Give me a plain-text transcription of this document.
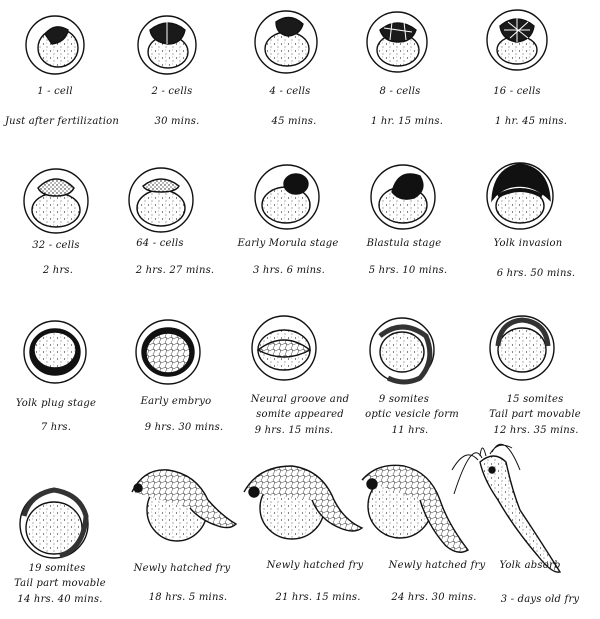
1 - cell
Just after fertilization
2 - cells
30 mins.
4 - cells
45 mins.
8 - cells
1 hr. 15 mins.
16 - cells
1 hr. 45 mins.
32 - cells
2 hrs.
64 - cells
2 hrs. 27 mins.
Early Morula stage
3 hrs. 6 mins.
Blastula stage
5 hrs. 10 mins.
Yolk invasion
6 hrs. 50 mins.
Yolk plug stage
7 hrs.
Early embryo
9 hrs. 30 mins.
Neural groove and
somite appeared
9 hrs. 15 mins.
9 somites
optic vesicle form
11 hrs.
15 somites
Tail part movable
12 hrs. 35 mins.
19 somites
Tail part movable
14 hrs. 40 mins.
Newly hatched fry
18 hrs. 5 mins.
Newly hatched fry
21 hrs. 15 mins.
Newly hatched fry
24 hrs. 30 mins.
Yolk absorb
3 - days old fry
